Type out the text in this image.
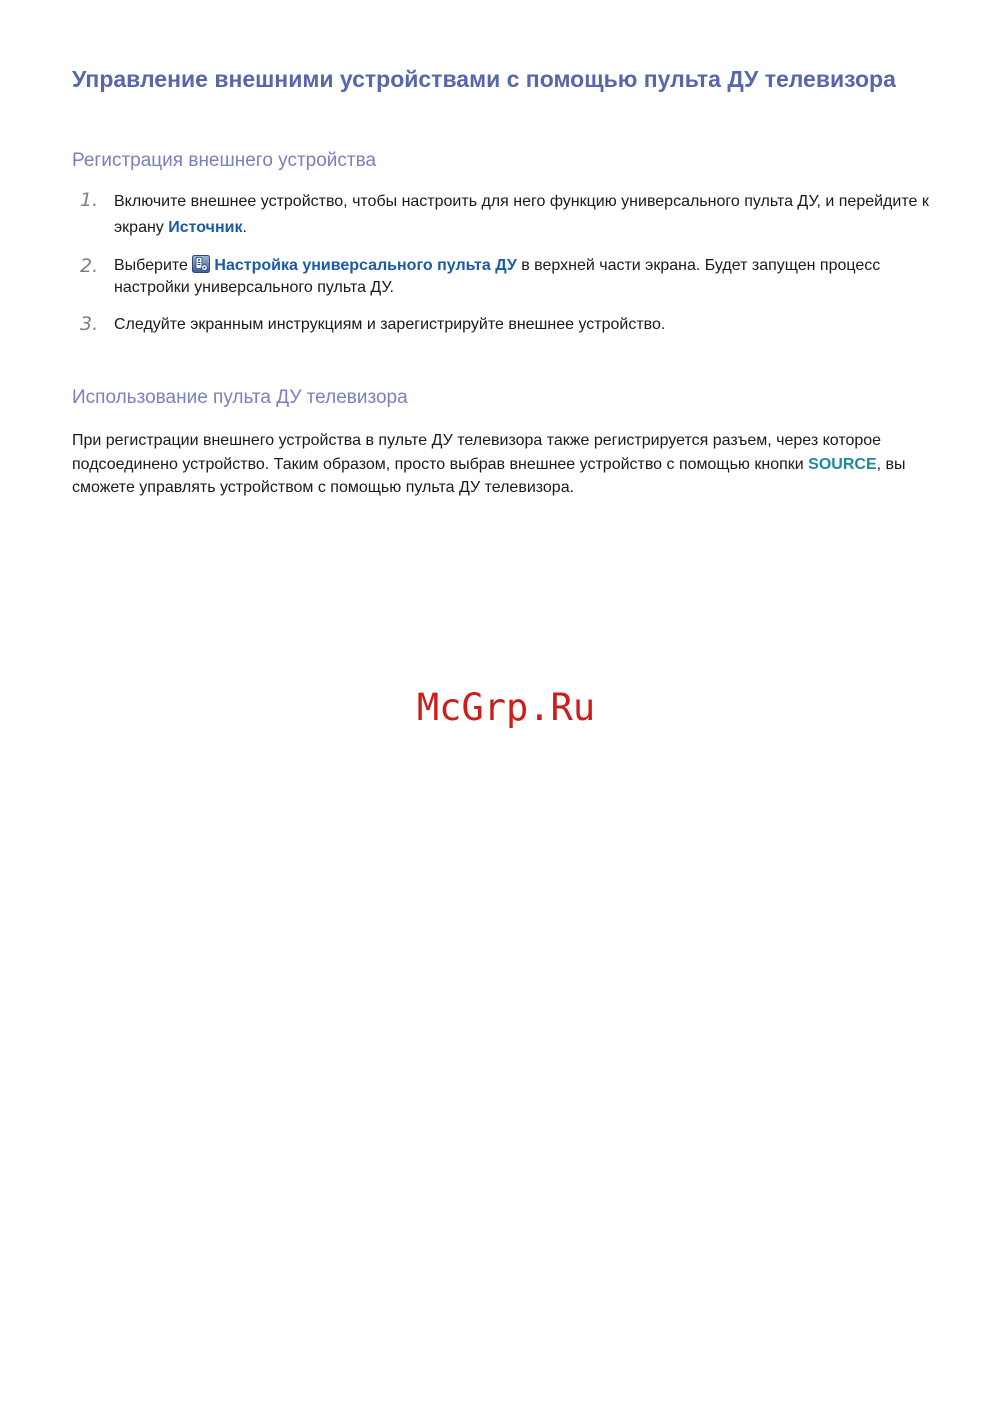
Управление внешними устройствами с помощью пульта ДУ телевизора
Регистрация внешнего устройства
1. Включите внешнее устройство, чтобы настроить для него функцию универсального пульта ДУ, и перейдите к экрану Источник.
2. Выберите Настройка универсального пульта ДУ в верхней части экрана. Будет запущен процесс настройки универсального пульта ДУ.
3. Следуйте экранным инструкциям и зарегистрируйте внешнее устройство.
Использование пульта ДУ телевизора

При регистрации внешнего устройства в пульте ДУ телевизора также регистрируется разъем, через которое подсоединено устройство. Таким образом, просто выбрав внешнее устройство с помощью кнопки SOURCE, вы сможете управлять устройством с помощью пульта ДУ телевизора.

McGrp.Ru
